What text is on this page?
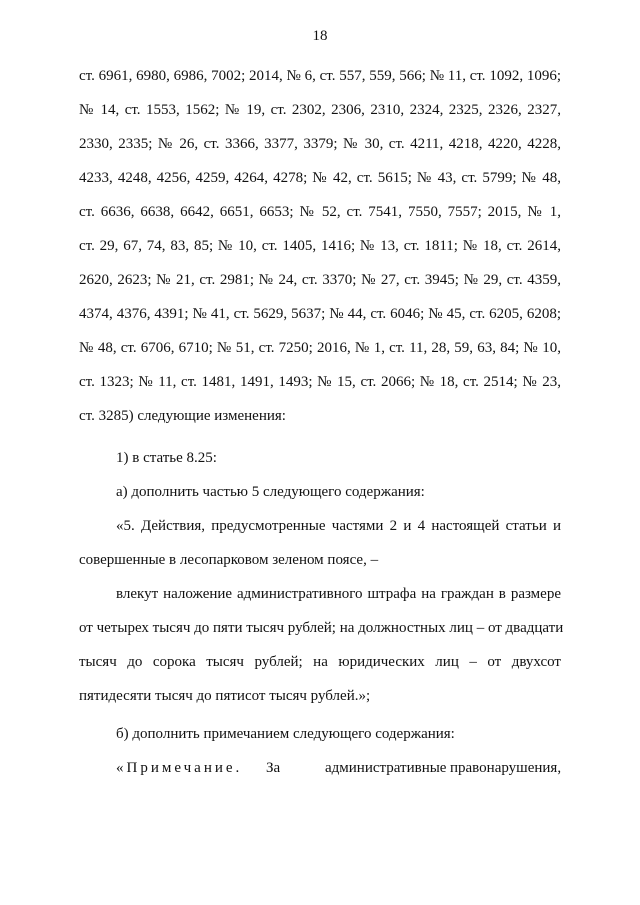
18
ст. 6961, 6980, 6986, 7002; 2014, № 6, ст. 557, 559, 566; № 11, ст. 1092, 1096;
№ 14, ст. 1553, 1562; № 19, ст. 2302, 2306, 2310, 2324, 2325, 2326, 2327,
2330, 2335; № 26, ст. 3366, 3377, 3379; № 30, ст. 4211, 4218, 4220, 4228,
4233, 4248, 4256, 4259, 4264, 4278; № 42, ст. 5615; № 43, ст. 5799; № 48,
ст. 6636, 6638, 6642, 6651, 6653; № 52, ст. 7541, 7550, 7557; 2015, № 1,
ст. 29, 67, 74, 83, 85; № 10, ст. 1405, 1416; № 13, ст. 1811; № 18, ст. 2614,
2620, 2623; № 21, ст. 2981; № 24, ст. 3370; № 27, ст. 3945; № 29, ст. 4359,
4374, 4376, 4391; № 41, ст. 5629, 5637; № 44, ст. 6046; № 45, ст. 6205, 6208;
№ 48, ст. 6706, 6710; № 51, ст. 7250; 2016, № 1, ст. 11, 28, 59, 63, 84; № 10,
ст. 1323; № 11, ст. 1481, 1491, 1493; № 15, ст. 2066; № 18, ст. 2514; № 23,
ст. 3285) следующие изменения:
1) в статье 8.25:
а) дополнить частью 5 следующего содержания:
«5. Действия, предусмотренные частями 2 и 4 настоящей статьи и
совершенные в лесопарковом зеленом поясе, –
влекут наложение административного штрафа на граждан в размере
от четырех тысяч до пяти тысяч рублей; на должностных лиц – от двадцати
тысяч до сорока тысяч рублей; на юридических лиц – от двухсот
пятидесяти тысяч до пятисот тысяч рублей.»;
б) дополнить примечанием следующего содержания:
«Примечание.	За	административные правонарушения,
